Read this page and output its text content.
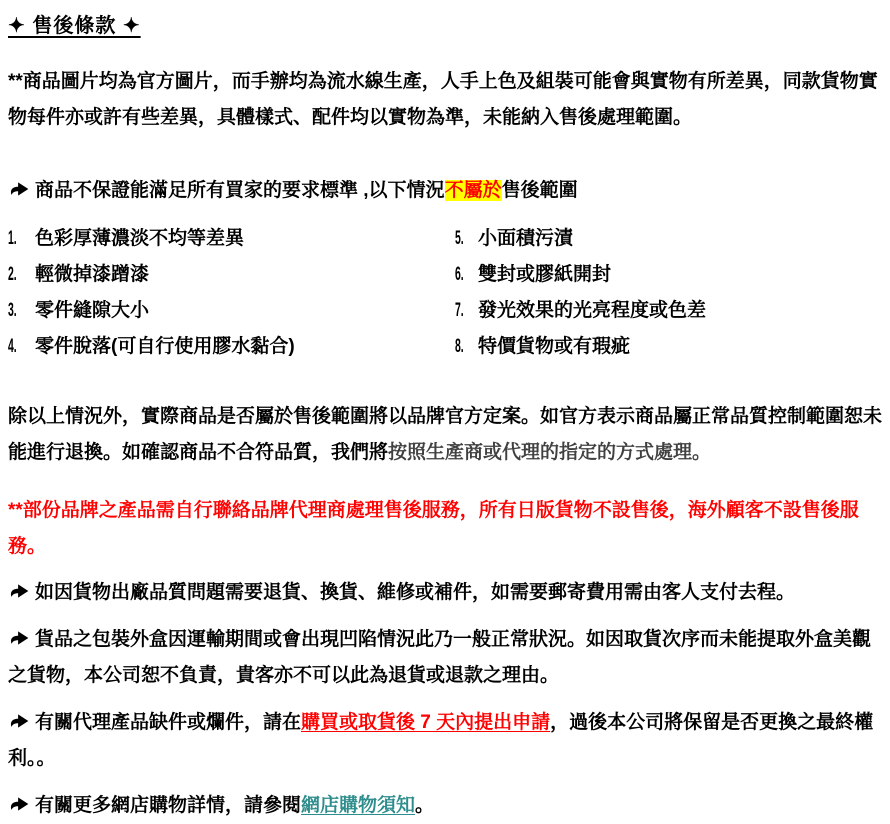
✦ 售後條款 ✦

**商品圖片均為官方圖片，而手辦均為流水線生產，人手上色及組裝可能會與實物有所差異，同款貨物實物每件亦或許有些差異，具體樣式、配件均以實物為準，未能納入售後處理範圍。

商品不保證能滿足所有買家的要求標準 ,以下情況不屬於售後範圍

1. 色彩厚薄濃淡不均等差異	5. 小面積污漬
2. 輕微掉漆蹭漆	6. 雙封或膠紙開封
3. 零件縫隙大小	7. 發光效果的光亮程度或色差
4. 零件脫落(可自行使用膠水黏合)	8. 特價貨物或有瑕疵

除以上情況外，實際商品是否屬於售後範圍將以品牌官方定案。如官方表示商品屬正常品質控制範圍恕未能進行退換。如確認商品不合符品質，我們將按照生產商或代理的指定的方式處理。

**部份品牌之產品需自行聯絡品牌代理商處理售後服務，所有日版貨物不設售後，海外顧客不設售後服務。

如因貨物出廠品質問題需要退貨、換貨、維修或補件，如需要郵寄費用需由客人支付去程。

貨品之包裝外盒因運輸期間或會出現凹陷情況此乃一般正常狀況。如因取貨次序而未能提取外盒美觀之貨物，本公司恕不負責，貴客亦不可以此為退貨或退款之理由。

有關代理產品缺件或爛件，請在購買或取貨後 7 天內提出申請，過後本公司將保留是否更換之最終權利。。

有關更多網店購物詳情，請參閱網店購物須知。
